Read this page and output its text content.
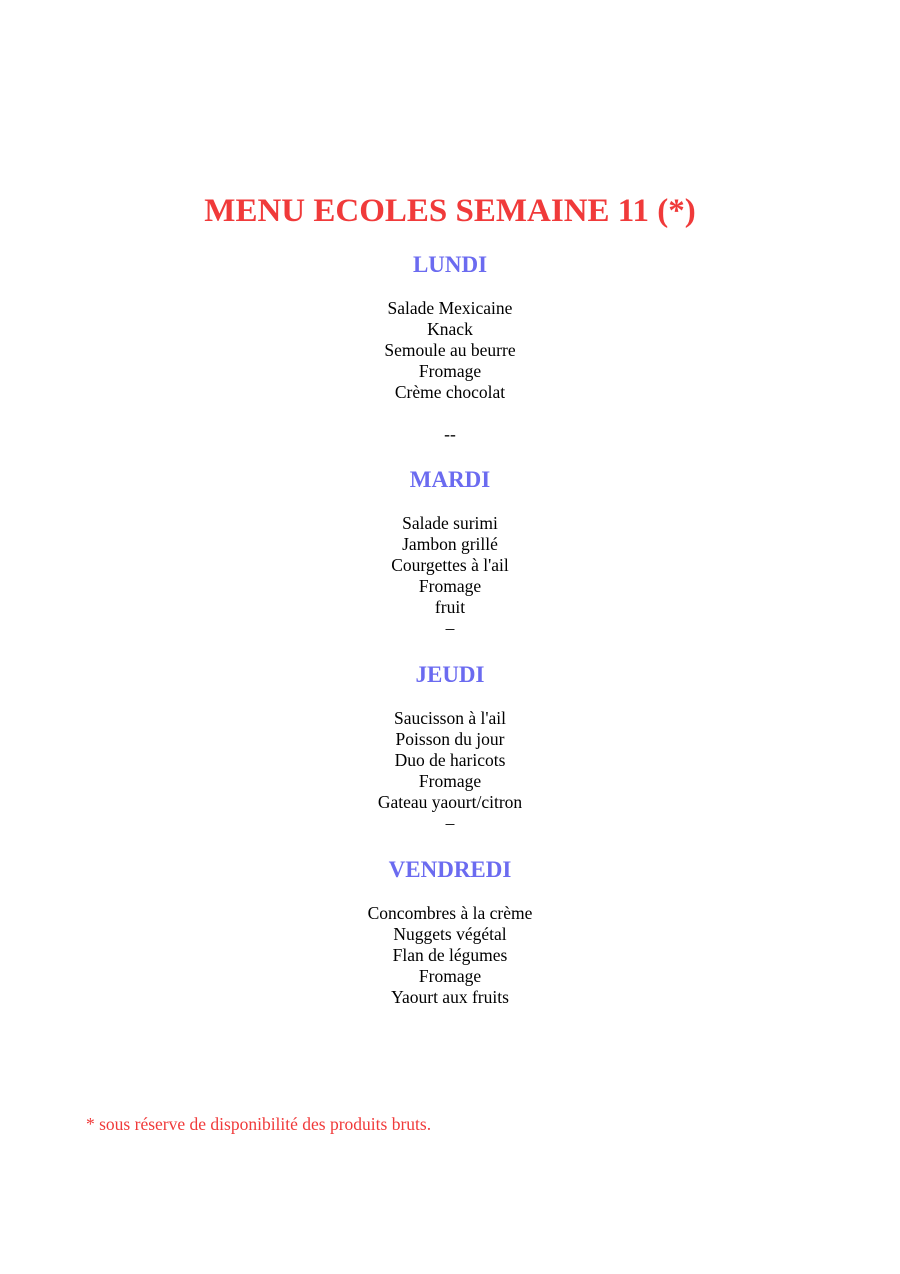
MENU ECOLES SEMAINE 11 (*)
LUNDI
Salade Mexicaine
Knack
Semoule au beurre
Fromage
Crème chocolat

--

MARDI
Salade surimi
Jambon grillé
Courgettes à l'ail
Fromage
fruit

–

JEUDI
Saucisson à l'ail
Poisson du jour
Duo de haricots
Fromage
Gateau yaourt/citron

–

VENDREDI
Concombres à la crème
Nuggets végétal
Flan de légumes
Fromage
Yaourt aux fruits

* sous réserve de disponibilité des produits bruts.
